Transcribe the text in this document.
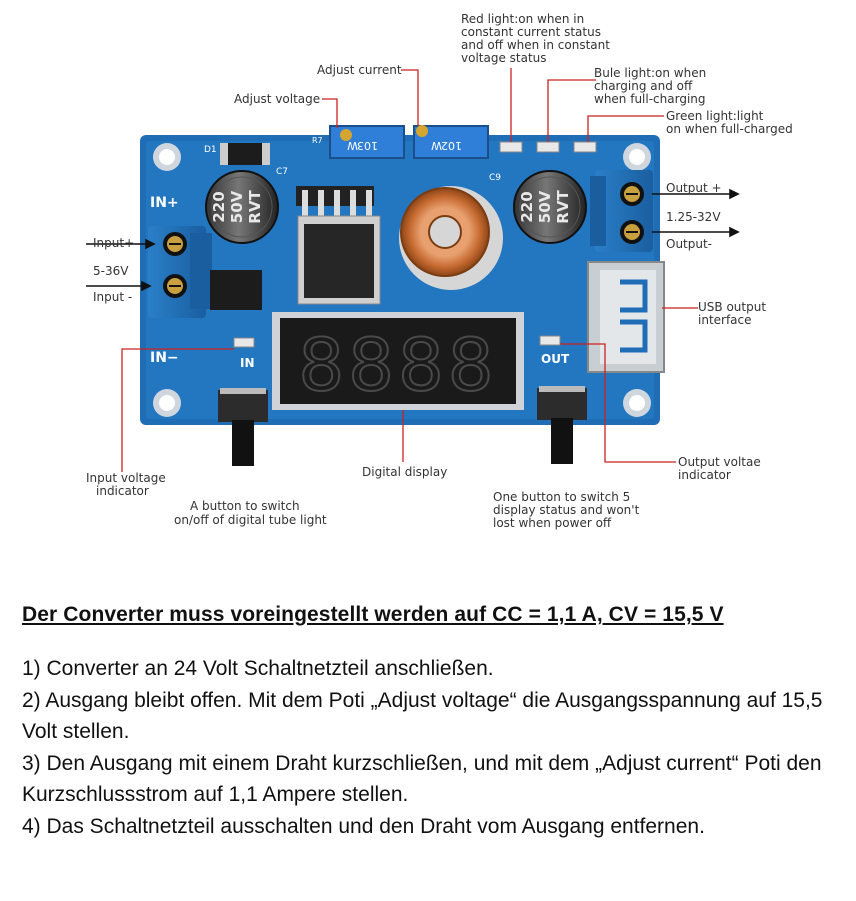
IN+
IN−
D1
C7
C9
R7
220 50V RVT	220 50V RVT
103
W	102
W
IN	OUT
8888
Red light:on when in
constant current status
and off when in constant
voltage status
Adjust current
Adjust voltage
Bule light:on when
charging and off
when full-charging
Green light:light
on when full-charged
Output +
1.25-32V
Output-
USB output
interface
Input+
5-36V
Input -
Input voltage
indicator
Digital display
Output voltae
indicator
A button to switch
on/off of digital tube light
One button to switch 5
display status and won't
lost when power off
Der Converter muss voreingestellt werden auf CC = 1,1 A, CV = 15,5 V

1) Converter an 24 Volt Schaltnetzteil anschließen.

2) Ausgang bleibt offen. Mit dem Poti „Adjust voltage“ die Ausgangsspannung auf 15,5 Volt stellen.

3) Den Ausgang mit einem Draht kurzschließen, und mit dem „Adjust current“ Poti den Kurzschlussstrom auf 1,1 Ampere stellen.

4) Das Schaltnetzteil ausschalten und den Draht vom Ausgang entfernen.
